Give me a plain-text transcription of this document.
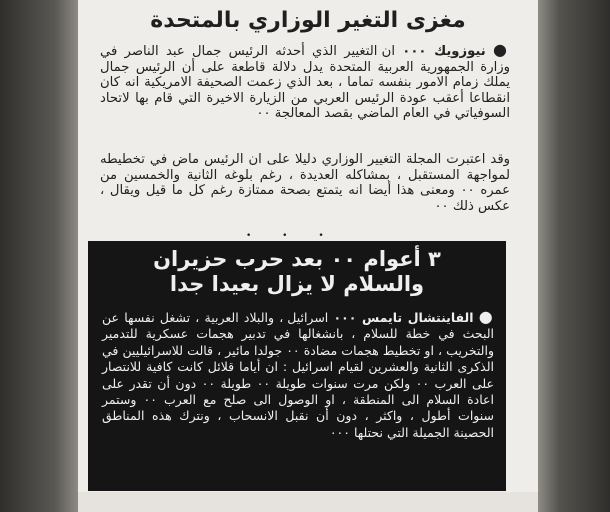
مغزى التغير الوزاري بالمتحدة
● نيوزويك ٠٠٠ ان التغيير الذي أحدثه الرئيس جمال عبد الناصر في وزارة الجمهورية العربية المتحدة يدل دلالة قاطعة على أن الرئيس جمال يملك زمام الامور بنفسه تماما ، بعد الذي زعمت الصحيفة الامريكية انه كان انقطاعا أعقب عودة الرئيس العربي من الزيارة الاخيرة التي قام بها لاتحاد السوفياتي في العام الماضي بقصد المعالجة ٠٠
وقد اعتبرت المجلة التغيير الوزاري دليلا على ان الرئيس ماض في تخطيطه لمواجهة المستقبل ، بمشاكله العديدة ، رغم بلوغه الثانية والخمسين من عمره ٠٠ ومعنى هذا أيضا انه يتمتع بصحة ممتازة رغم كل ما قيل ويقال ، عكس ذلك ٠٠
• • •
٣ أعوام ٠٠ بعد حرب حزيران
والسلام لا يزال بعيدا جدا
● الفاينتشال تايمس ٠٠٠ اسرائيل ، والبلاد العربية ، تشغل نفسها عن البحث في خطة للسلام ، بانشغالها في تدبير هجمات عسكرية للتدمير والتخريب ، او تخطيط هجمات مضادة ٠٠ جولدا مائير ، قالت للاسرائيليين في الذكرى الثانية والعشرين لقيام اسرائيل : ان أياما قلائل كانت كافية للانتصار على العرب ٠٠ ولكن مرت سنوات طويلة ٠٠ طويلة ٠٠ دون أن تقدر على اعادة السلام الى المنطقة ، او الوصول الى صلح مع العرب ٠٠ وستمر سنوات أطول ، واكثر ، دون أن نقبل الانسحاب ، ونترك هذه المناطق الحصينة الجميلة التي نحتلها ٠٠٠
